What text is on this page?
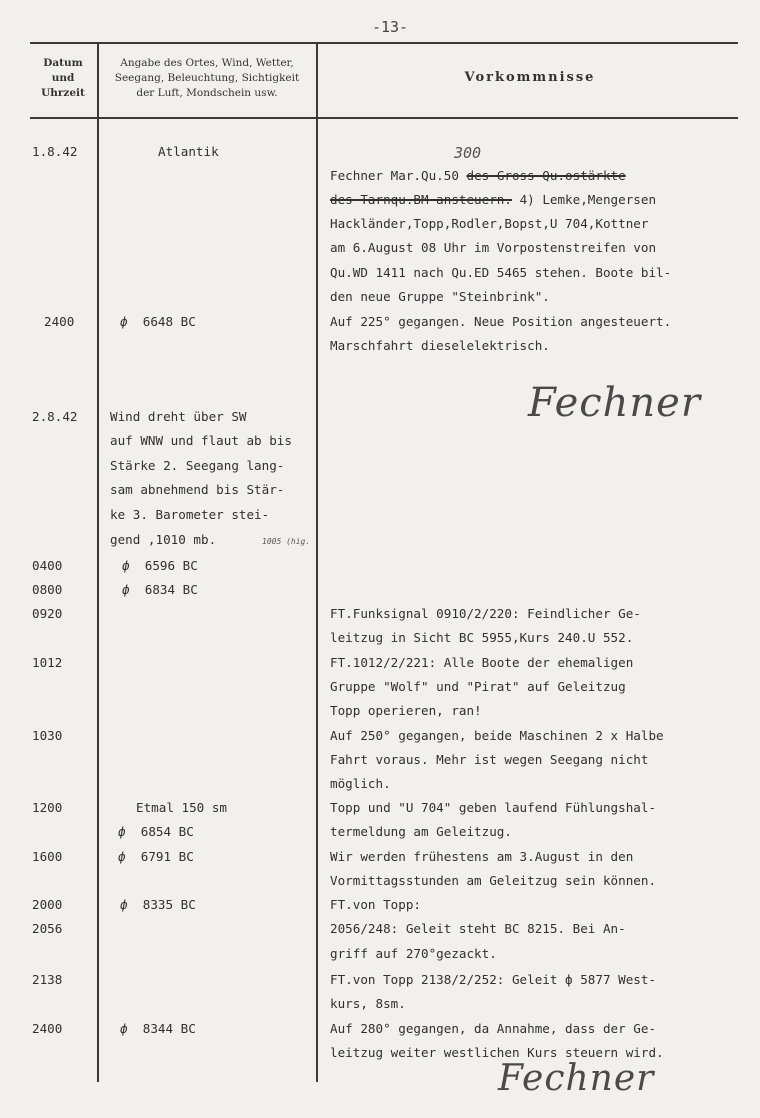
-13-
Datum
und
Uhrzeit
Angabe des Ortes, Wind, Wetter,
Seegang, Beleuchtung, Sichtigkeit
der Luft, Mondschein usw.
Vorkommnisse
1.8.42
2400
2.8.42
0400
0800
0920
1012
1030
1200
1600
2000
2056
2138
2400
Atlantik
ф 6648 BC
Wind dreht über SW
auf WNW und flaut ab bis
Stärke 2. Seegang lang-
sam abnehmend bis Stär-
ke 3. Barometer stei-
gend ,1010 mb.	1005 (hig.
ф 6596 BC
ф 6834 BC
Etmal 150 sm
ф 6854 BC
ф 6791 BC
ф 8335 BC
ф 8344 BC
300
Fechner Mar.Qu.50 des Gross Qu.ostärkte
des Tarnqu.BM ansteuern. 4) Lemke,Mengersen
Hackländer,Topp,Rodler,Bopst,U 704,Kottner
am 6.August 08 Uhr im Vorpostenstreifen von
Qu.WD 1411 nach Qu.ED 5465 stehen. Boote bil-
den neue Gruppe "Steinbrink".
Auf 225° gegangen. Neue Position angesteuert.
Marschfahrt dieselelektrisch.
Fechner
FT.Funksignal 0910/2/220: Feindlicher Ge-
leitzug in Sicht BC 5955,Kurs 240.U 552.
FT.1012/2/221: Alle Boote der ehemaligen
Gruppe "Wolf" und "Pirat" auf Geleitzug
Topp operieren, ran!
Auf 250° gegangen, beide Maschinen 2 x Halbe
Fahrt voraus. Mehr ist wegen Seegang nicht
möglich.
Topp und "U 704" geben laufend Fühlungshal-
termeldung am Geleitzug.
Wir werden frühestens am 3.August in den
Vormittagsstunden am Geleitzug sein können.
FT.von Topp:
2056/248: Geleit steht BC 8215. Bei An-
griff auf 270°gezackt.
FT.von Topp 2138/2/252: Geleit ф 5877 West-
kurs, 8sm.
Auf 280° gegangen, da Annahme, dass der Ge-
leitzug weiter westlichen Kurs steuern wird.
Fechner
